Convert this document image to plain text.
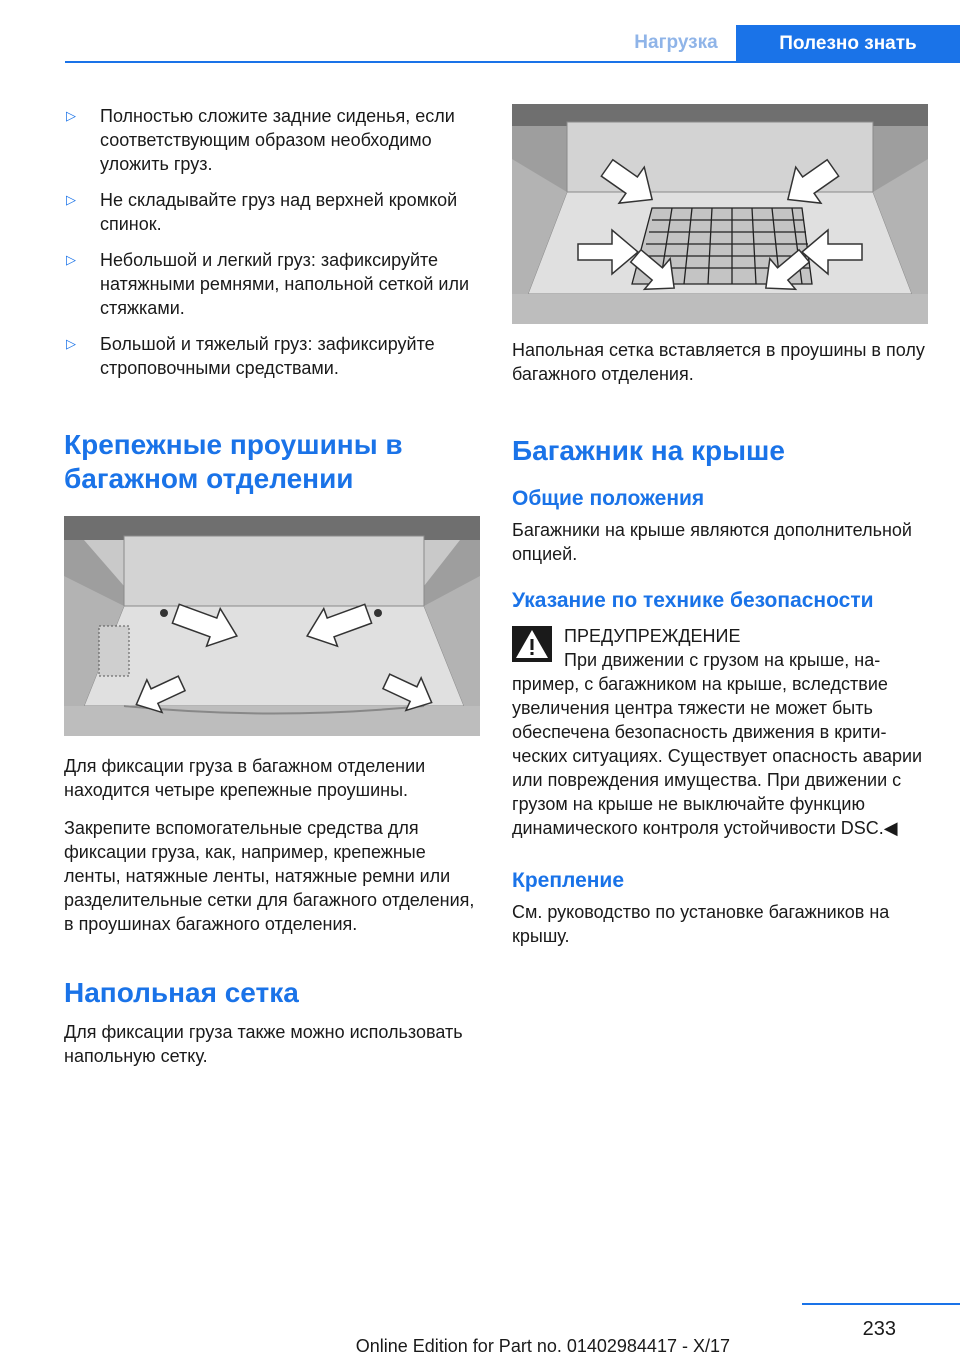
Нагрузка	Полезно знать
▷	Полностью сложите задние сиденья, если соответствующим образом необходимо уложить груз.
▷	Не складывайте груз над верхней кромкой спинок.
▷	Небольшой и легкий груз: зафиксируйте натяжными ремнями, напольной сеткой или стяжками.
▷	Большой и тяжелый груз: зафиксируйте строповочными средствами.
Крепежные проушины в багажном отделении

Для фиксации груза в багажном отделении находится четыре крепежные проушины.

Закрепите вспомогательные средства для фиксации груза, как, например, крепежные ленты, натяжные ленты, натяжные ремни или разделительные сетки для багажного отделения, в проушинах багажного отделения.

Напольная сетка

Для фиксации груза также можно использовать напольную сетку.

Напольная сетка вставляется в проушины в полу багажного отделения.

Багажник на крыше
Общие положения

Багажники на крыше являются дополнительной опцией.

Указание по технике безопасности

ПРЕДУПРЕЖДЕНИЕ

При движении с грузом на крыше, например, с багажником на крыше, вследствие увеличения центра тяжести не может быть обеспечена безопасность движения в критических ситуациях. Существует опасность аварии или повреждения имущества. При движении с грузом на крыше не выключайте функцию динамического контроля устойчивости DSC.◀

Крепление

См. руководство по установке багажников на крышу.

233
Online Edition for Part no. 01402984417 - X/17
